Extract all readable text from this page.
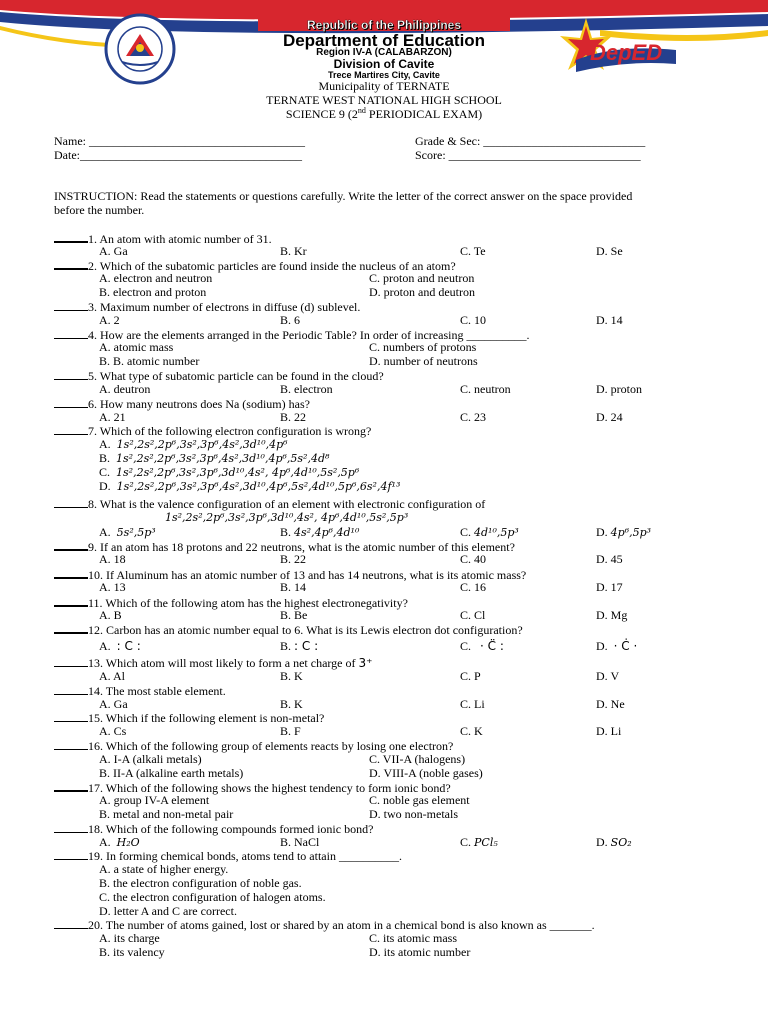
DepED
CAVITE
Republic of the Philippines
Department of Education
Region IV-A (CALABARZON)
Division of Cavite
Trece Martires City, Cavite
Municipality of TERNATE
TERNATE WEST NATIONAL HIGH SCHOOL
SCIENCE 9 (2nd PERIODICAL EXAM)
Name: ____________________________________	Grade & Sec: ___________________________
Date:_____________________________________	Score: ________________________________
INSTRUCTION: Read the statements or questions carefully. Write the letter of the correct answer on the space provided
before the number.
1. An atom with atomic number of 31.
A. Ga	B. Kr	C. Te	D. Se
2. Which of the subatomic particles are found inside the nucleus of an atom?
A. electron and neutron	C. proton and neutron
B. electron and proton	D. proton and deutron
3. Maximum number of electrons in diffuse (d) sublevel.
A. 2	B. 6	C. 10	D. 14
4. How are the elements arranged in the Periodic Table? In order of increasing __________.
A. atomic mass	C. numbers of protons
B. B. atomic number	D. number of neutrons
5. What type of subatomic particle can be found in the cloud?
A. deutron	B. electron	C. neutron	D. proton
6. How many neutrons does Na (sodium) has?
A. 21	B. 22	C. 23	D. 24
7. Which of the following electron configuration is wrong?
A. 1s²,2s²,2p⁶,3s²,3p⁶,4s²,3d¹⁰,4p⁶
B. 1s²,2s²,2p⁶,3s²,3p⁶,4s²,3d¹⁰,4p⁶,5s²,4d⁸
C. 1s²,2s²,2p⁶,3s²,3p⁶,3d¹⁰,4s², 4p⁶,4d¹⁰,5s²,5p⁶
D. 1s²,2s²,2p⁶,3s²,3p⁶,4s²,3d¹⁰,4p⁶,5s²,4d¹⁰,5p⁶,6s²,4f¹³
8. What is the valence configuration of an element with electronic configuration of
1s²,2s²,2p⁶,3s²,3p⁶,3d¹⁰,4s², 4p⁶,4d¹⁰,5s²,5p³
A. 5s²,5p³	B. 4s²,4p⁶,4d¹⁰	C. 4d¹⁰,5p³	D. 4p⁶,5p³
9. If an atom has 18 protons and 22 neutrons, what is the atomic number of this element?
A. 18	B. 22	C. 40	D. 45
10. If Aluminum has an atomic number of 13 and has 14 neutrons, what is its atomic mass?
A. 13	B. 14	C. 16	D. 17
11. Which of the following atom has the highest electronegativity?
A. B	B. Be	C. Cl	D. Mg
12. Carbon has an atomic number equal to 6. What is its Lewis electron dot configuration?
A. : C :	B. : C :	C. · C̈ :	D. · Ċ ·
13. Which atom will most likely to form a net charge of 3⁺
A. Al	B. K	C. P	D. V
14. The most stable element.
A. Ga	B. K	C. Li	D. Ne
15. Which if the following element is non-metal?
A. Cs	B. F	C. K	D. Li
16. Which of the following group of elements reacts by losing one electron?
A. I-A (alkali metals)	C. VII-A (halogens)
B. II-A (alkaline earth metals)	D. VIII-A (noble gases)
17. Which of the following shows the highest tendency to form ionic bond?
A. group IV-A element	C. noble gas element
B. metal and non-metal pair	D. two non-metals
18. Which of the following compounds formed ionic bond?
A. H₂O	B. NaCl	C. PCl₅	D. SO₂
19. In forming chemical bonds, atoms tend to attain __________.
A. a state of higher energy.
B. the electron configuration of noble gas.
C. the electron configuration of halogen atoms.
D. letter A and C are correct.
20. The number of atoms gained, lost or shared by an atom in a chemical bond is also known as _______.
A. its charge	C. its atomic mass
B. its valency	D. its atomic number
